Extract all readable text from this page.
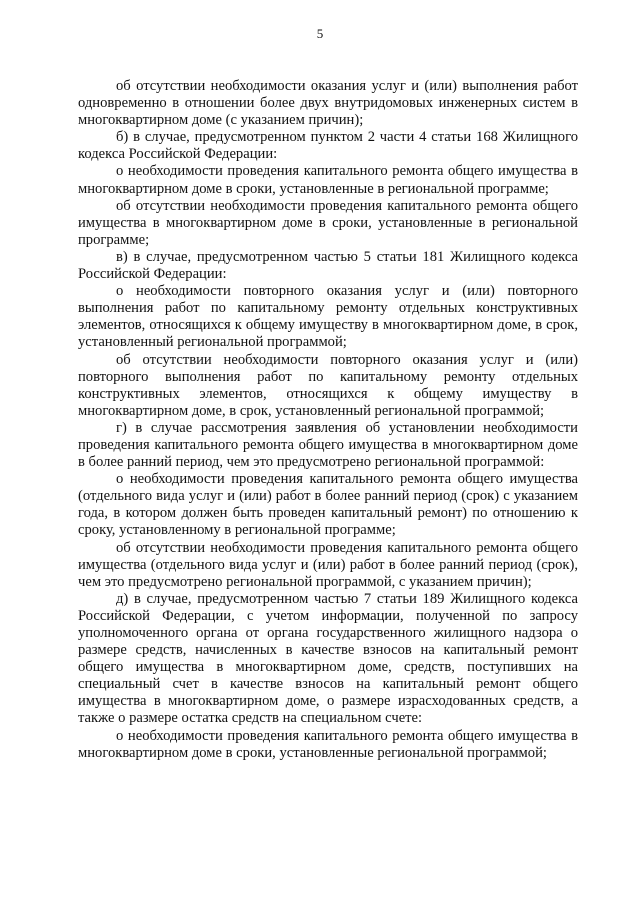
5

об отсутствии необходимости оказания услуг и (или) выполнения работ одновременно в отношении более двух внутридомовых инженерных систем в многоквартирном доме (с указанием причин);

б) в случае, предусмотренном пунктом 2 части 4 статьи 168 Жилищного кодекса Российской Федерации:

о необходимости проведения капитального ремонта общего имущества в многоквартирном доме в сроки, установленные в региональной программе;

об отсутствии необходимости проведения капитального ремонта общего имущества в многоквартирном доме в сроки, установленные в региональной программе;

в) в случае, предусмотренном частью 5 статьи 181 Жилищного кодекса Российской Федерации:

о необходимости повторного оказания услуг и (или) повторного выполнения работ по капитальному ремонту отдельных конструктивных элементов, относящихся к общему имуществу в многоквартирном доме, в срок, установленный региональной программой;

об отсутствии необходимости повторного оказания услуг и (или) повторного выполнения работ по капитальному ремонту отдельных конструктивных элементов, относящихся к общему имуществу в многоквартирном доме, в срок, установленный региональной программой;

г) в случае рассмотрения заявления об установлении необходимости проведения капитального ремонта общего имущества в многоквартирном доме в более ранний период, чем это предусмотрено региональной программой:

о необходимости проведения капитального ремонта общего имущества (отдельного вида услуг и (или) работ в более ранний период (срок) с указанием года, в котором должен быть проведен капитальный ремонт) по отношению к сроку, установленному в региональной программе;

об отсутствии необходимости проведения капитального ремонта общего имущества (отдельного вида услуг и (или) работ в более ранний период (срок), чем это предусмотрено региональной программой, с указанием причин);

д) в случае, предусмотренном частью 7 статьи 189 Жилищного кодекса Российской Федерации, с учетом информации, полученной по запросу уполномоченного органа от органа государственного жилищного надзора о размере средств, начисленных в качестве взносов на капитальный ремонт общего имущества в многоквартирном доме, средств, поступивших на специальный счет в качестве взносов на капитальный ремонт общего имущества в многоквартирном доме, о размере израсходованных средств, а также о размере остатка средств на специальном счете:

о необходимости проведения капитального ремонта общего имущества в многоквартирном доме в сроки, установленные региональной программой;
